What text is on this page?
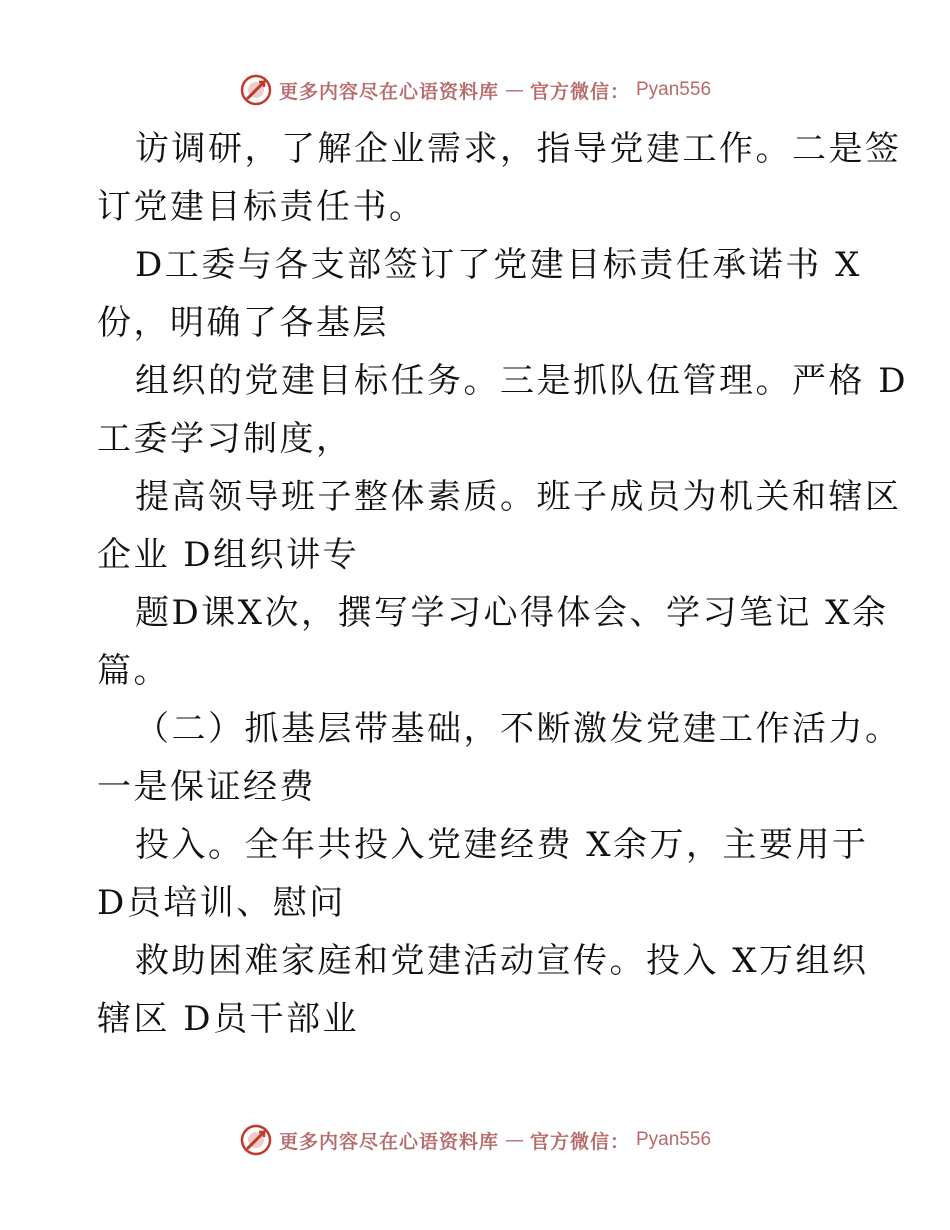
更多内容尽在心语资料库 — 官方微信： Pyan556
访调研，了解企业需求，指导党建工作。二是签
订党建目标责任书。
D工委与各支部签订了党建目标责任承诺书 X
份，明确了各基层
组织的党建目标任务。三是抓队伍管理。严格 D
工委学习制度，
提高领导班子整体素质。班子成员为机关和辖区
企业 D组织讲专
题D课X次，撰写学习心得体会、学习笔记 X余
篇。
（二）抓基层带基础，不断激发党建工作活力。
一是保证经费
投入。全年共投入党建经费 X余万，主要用于
D员培训、慰问
救助困难家庭和党建活动宣传。投入 X万组织
辖区 D员干部业
更多内容尽在心语资料库 — 官方微信： Pyan556
